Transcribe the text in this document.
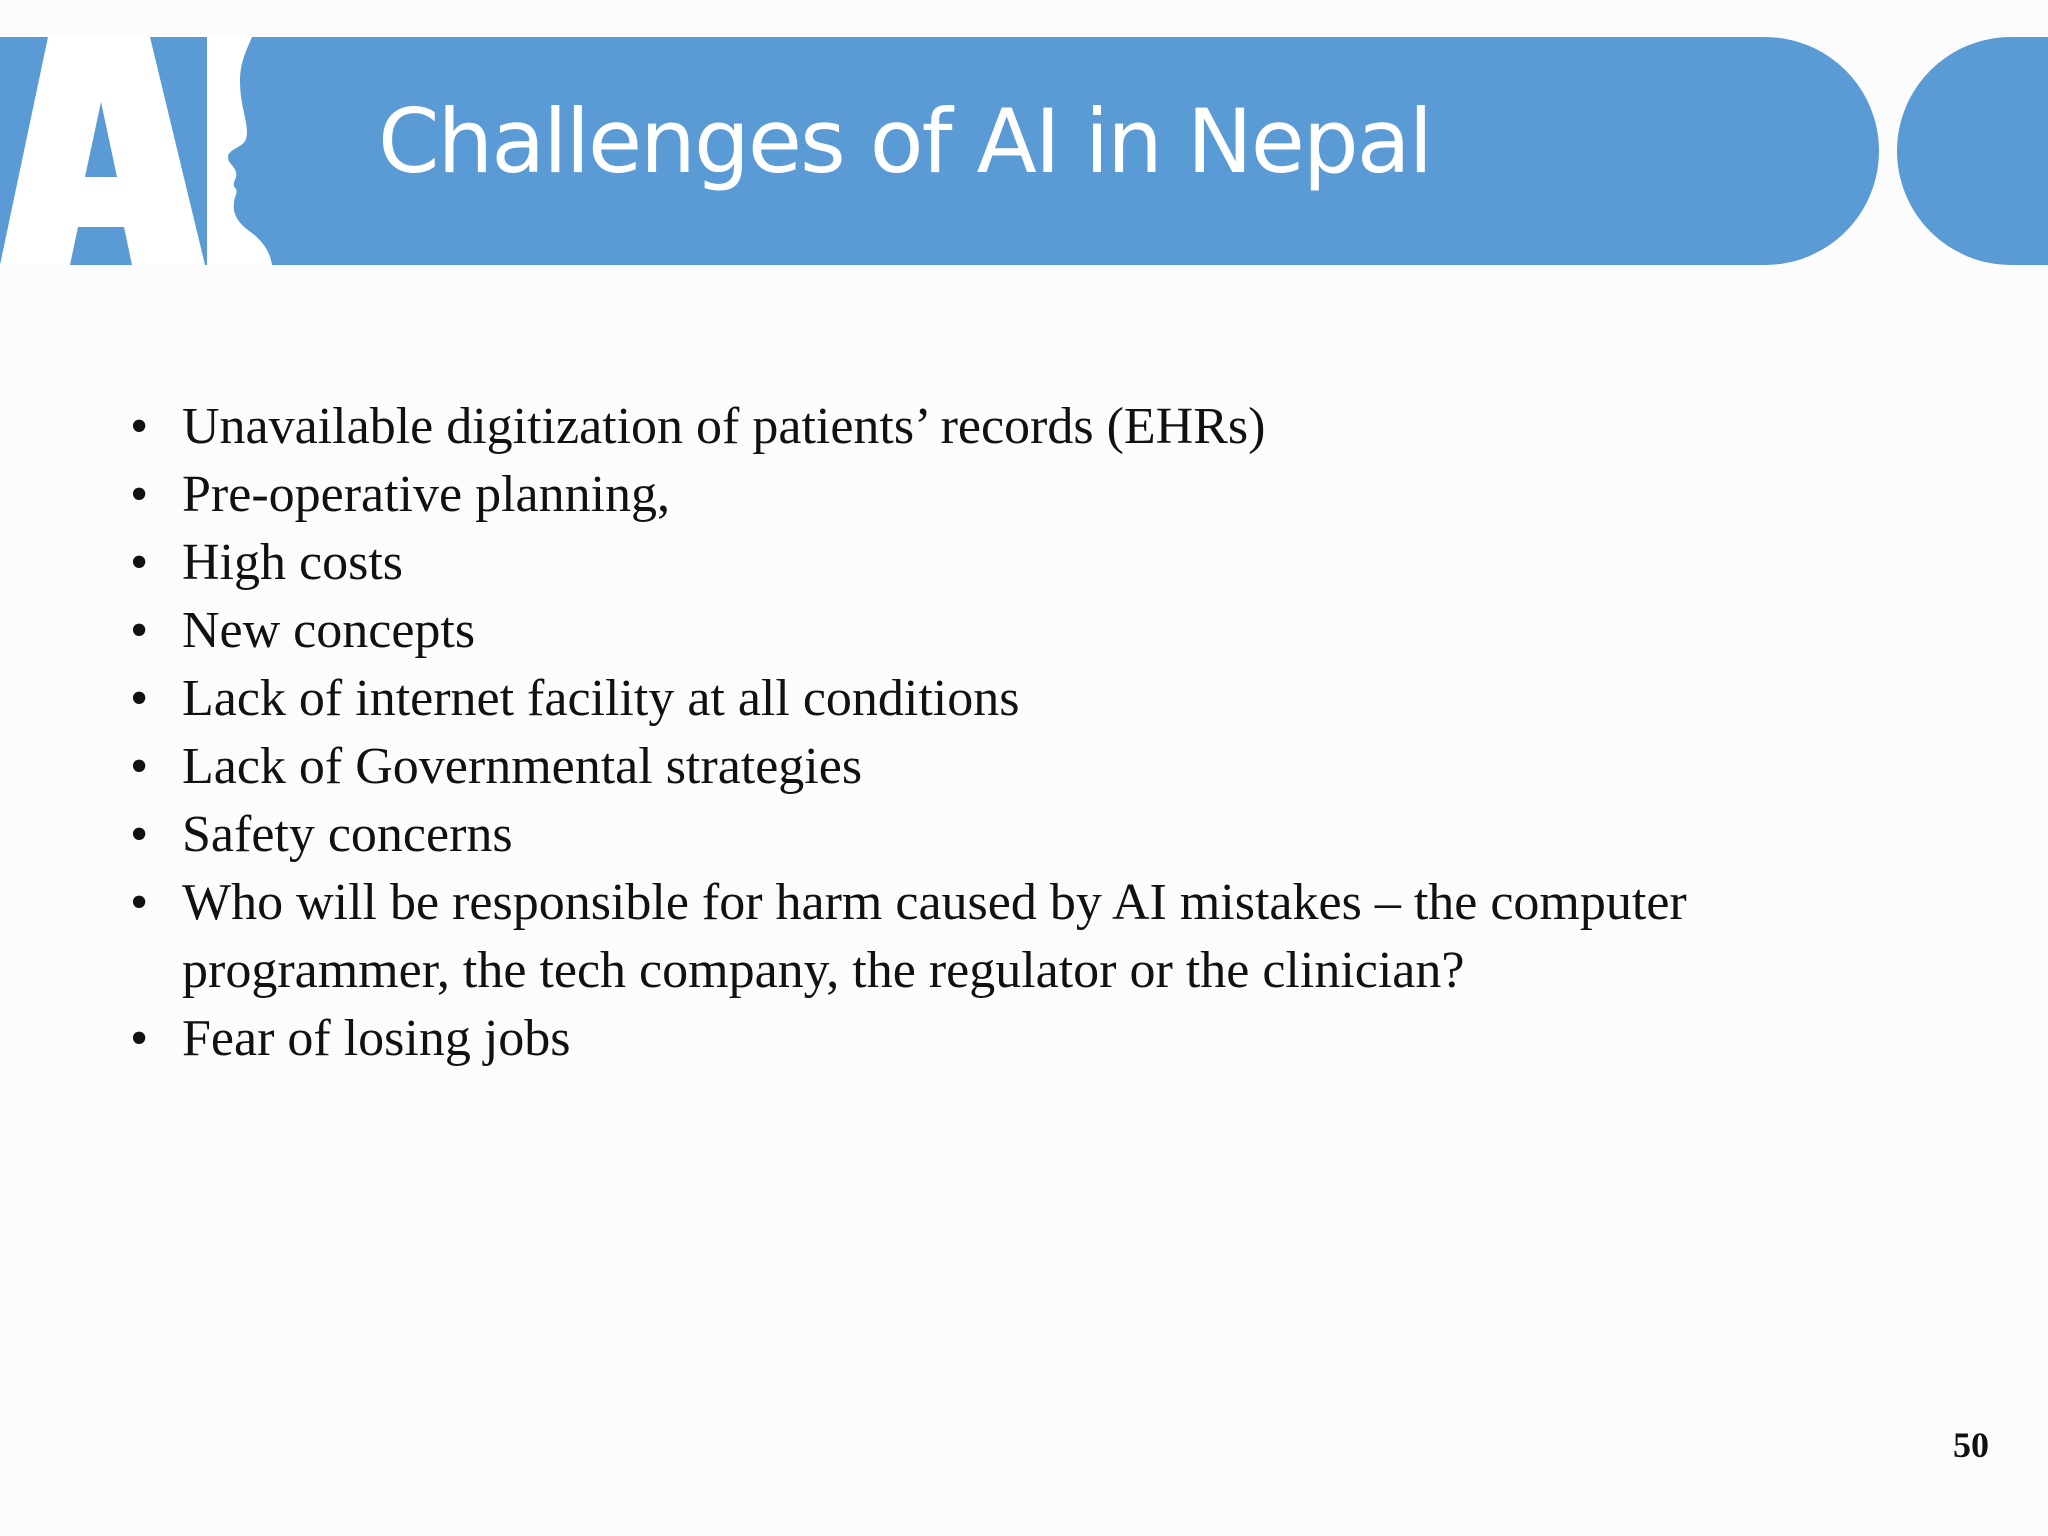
Challenges of AI in Nepal
• Unavailable digitization of patients’ records (EHRs)
• Pre-operative planning,
• High costs
• New concepts
• Lack of internet facility at all conditions
• Lack of Governmental strategies
• Safety concerns
• Who will be responsible for harm caused by AI mistakes – the computer programmer, the tech company, the regulator or the clinician?
• Fear of losing jobs
50
